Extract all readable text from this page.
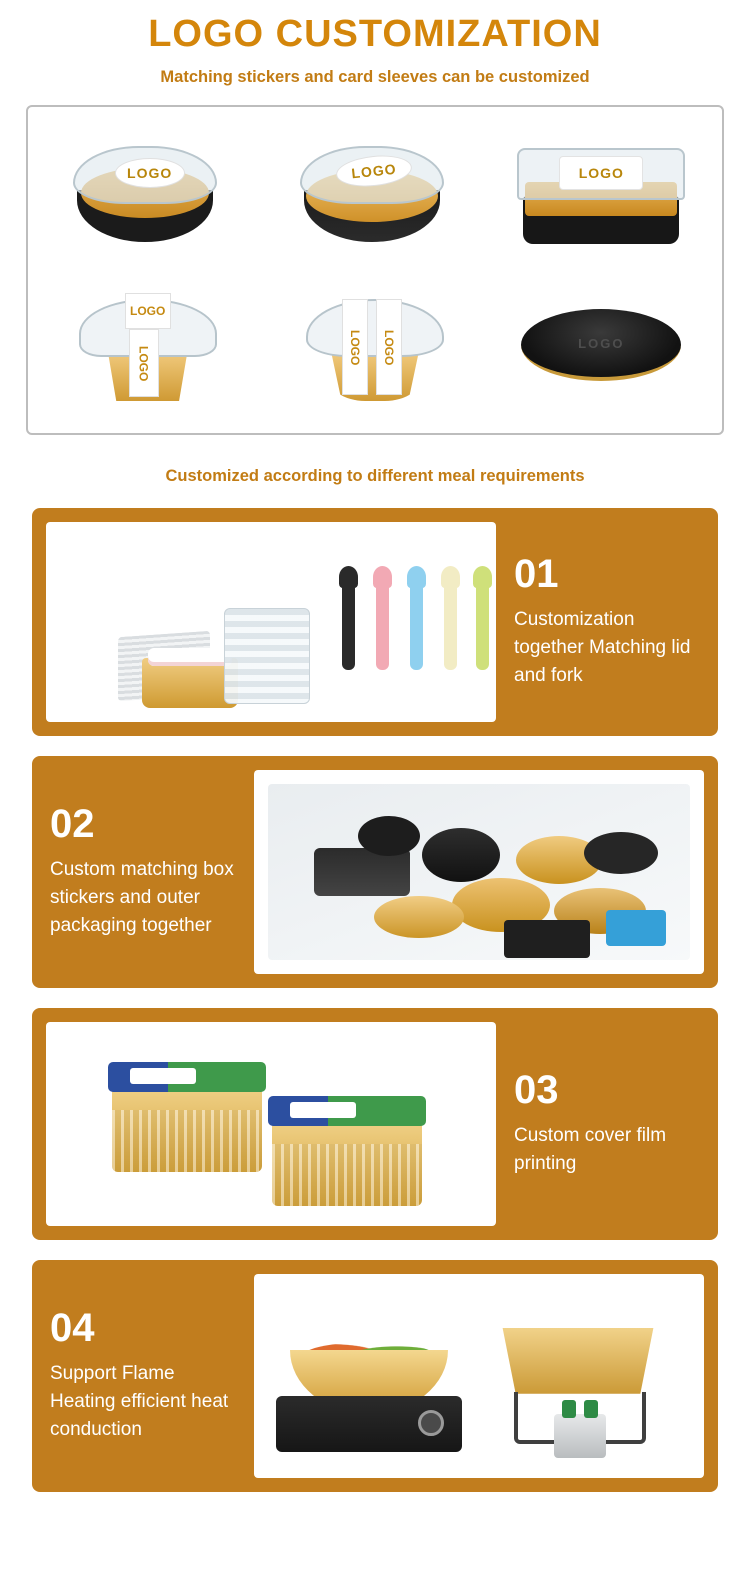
LOGO CUSTOMIZATION
Matching stickers and card sleeves can be customized
LOGO	LOGO	LOGO
LOGO
LOGO	LOGO	LOGO	LOGO
Customized according to different meal requirements
01
Customization together Matching lid and fork
02
Custom matching box stickers and outer packaging together
03
Custom cover film printing
04
Support Flame Heating efficient heat conduction
